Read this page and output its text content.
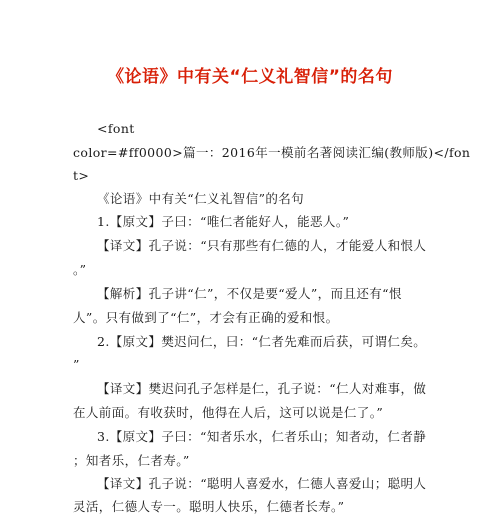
《论语》中有关“仁义礼智信”的名句
<font
color=#ff0000>篇一：2016年一模前名著阅读汇编(教师版)</fon
t>
《论语》中有关“仁义礼智信”的名句
1.【原文】子曰：“唯仁者能好人，能恶人。”
【译文】孔子说：“只有那些有仁德的人，才能爱人和恨人
。”
【解析】孔子讲“仁”，不仅是要“爱人”，而且还有“恨
人”。只有做到了“仁”，才会有正确的爱和恨。
2.【原文】樊迟问仁，曰：“仁者先难而后获，可谓仁矣。
”
【译文】樊迟问孔子怎样是仁，孔子说：“仁人对难事，做
在人前面。有收获时，他得在人后，这可以说是仁了。”
3.【原文】子曰：“知者乐水，仁者乐山；知者动，仁者静
；知者乐，仁者寿。”
【译文】孔子说：“聪明人喜爱水，仁德人喜爱山；聪明人
灵活，仁德人专一。聪明人快乐，仁德者长寿。”
